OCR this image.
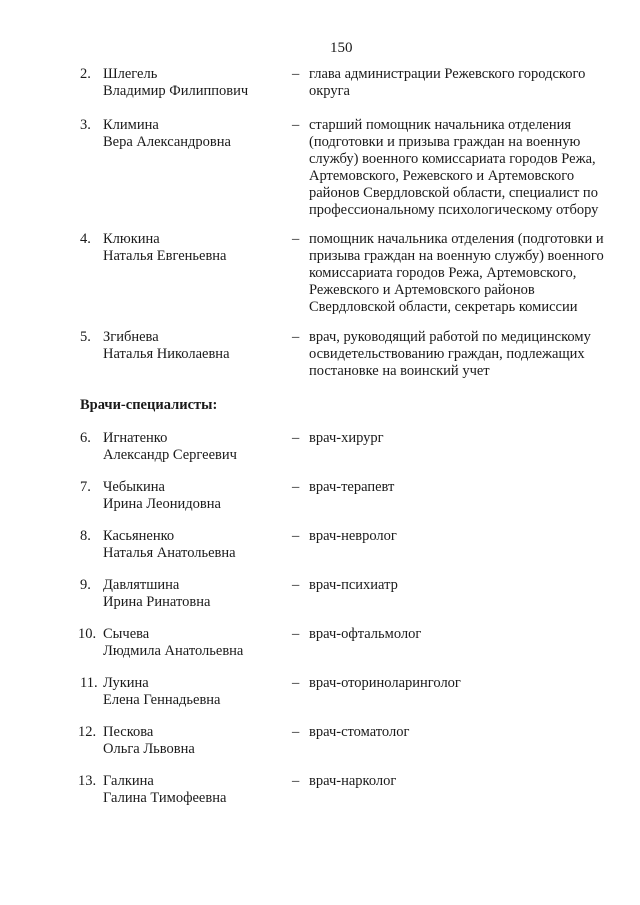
150
2. Шлегель
Владимир Филиппович
– глава администрации Режевского городского округа
3. Климина
Вера Александровна
– старший помощник начальника отделения (подготовки и призыва граждан на военную службу) военного комиссариата городов Режа, Артемовского, Режевского и Артемовского районов Свердловской области, специалист по профессиональному психологическому отбору
4. Клюкина
Наталья Евгеньевна
– помощник начальника отделения (подготовки и призыва граждан на военную службу) военного комиссариата городов Режа, Артемовского, Режевского и Артемовского районов Свердловской области, секретарь комиссии
5. Згибнева
Наталья Николаевна
– врач, руководящий работой по медицинскому освидетельствованию граждан, подлежащих постановке на воинский учет
Врачи-специалисты:
6. Игнатенко
Александр Сергеевич
– врач-хирург
7. Чебыкина
Ирина Леонидовна
– врач-терапевт
8. Касьяненко
Наталья Анатольевна
– врач-невролог
9. Давлятшина
Ирина Ринатовна
– врач-психиатр
10. Сычева
Людмила Анатольевна
– врач-офтальмолог
11. Лукина
Елена Геннадьевна
– врач-оториноларинголог
12. Пескова
Ольга Львовна
– врач-стоматолог
13. Галкина
Галина Тимофеевна
– врач-нарколог
